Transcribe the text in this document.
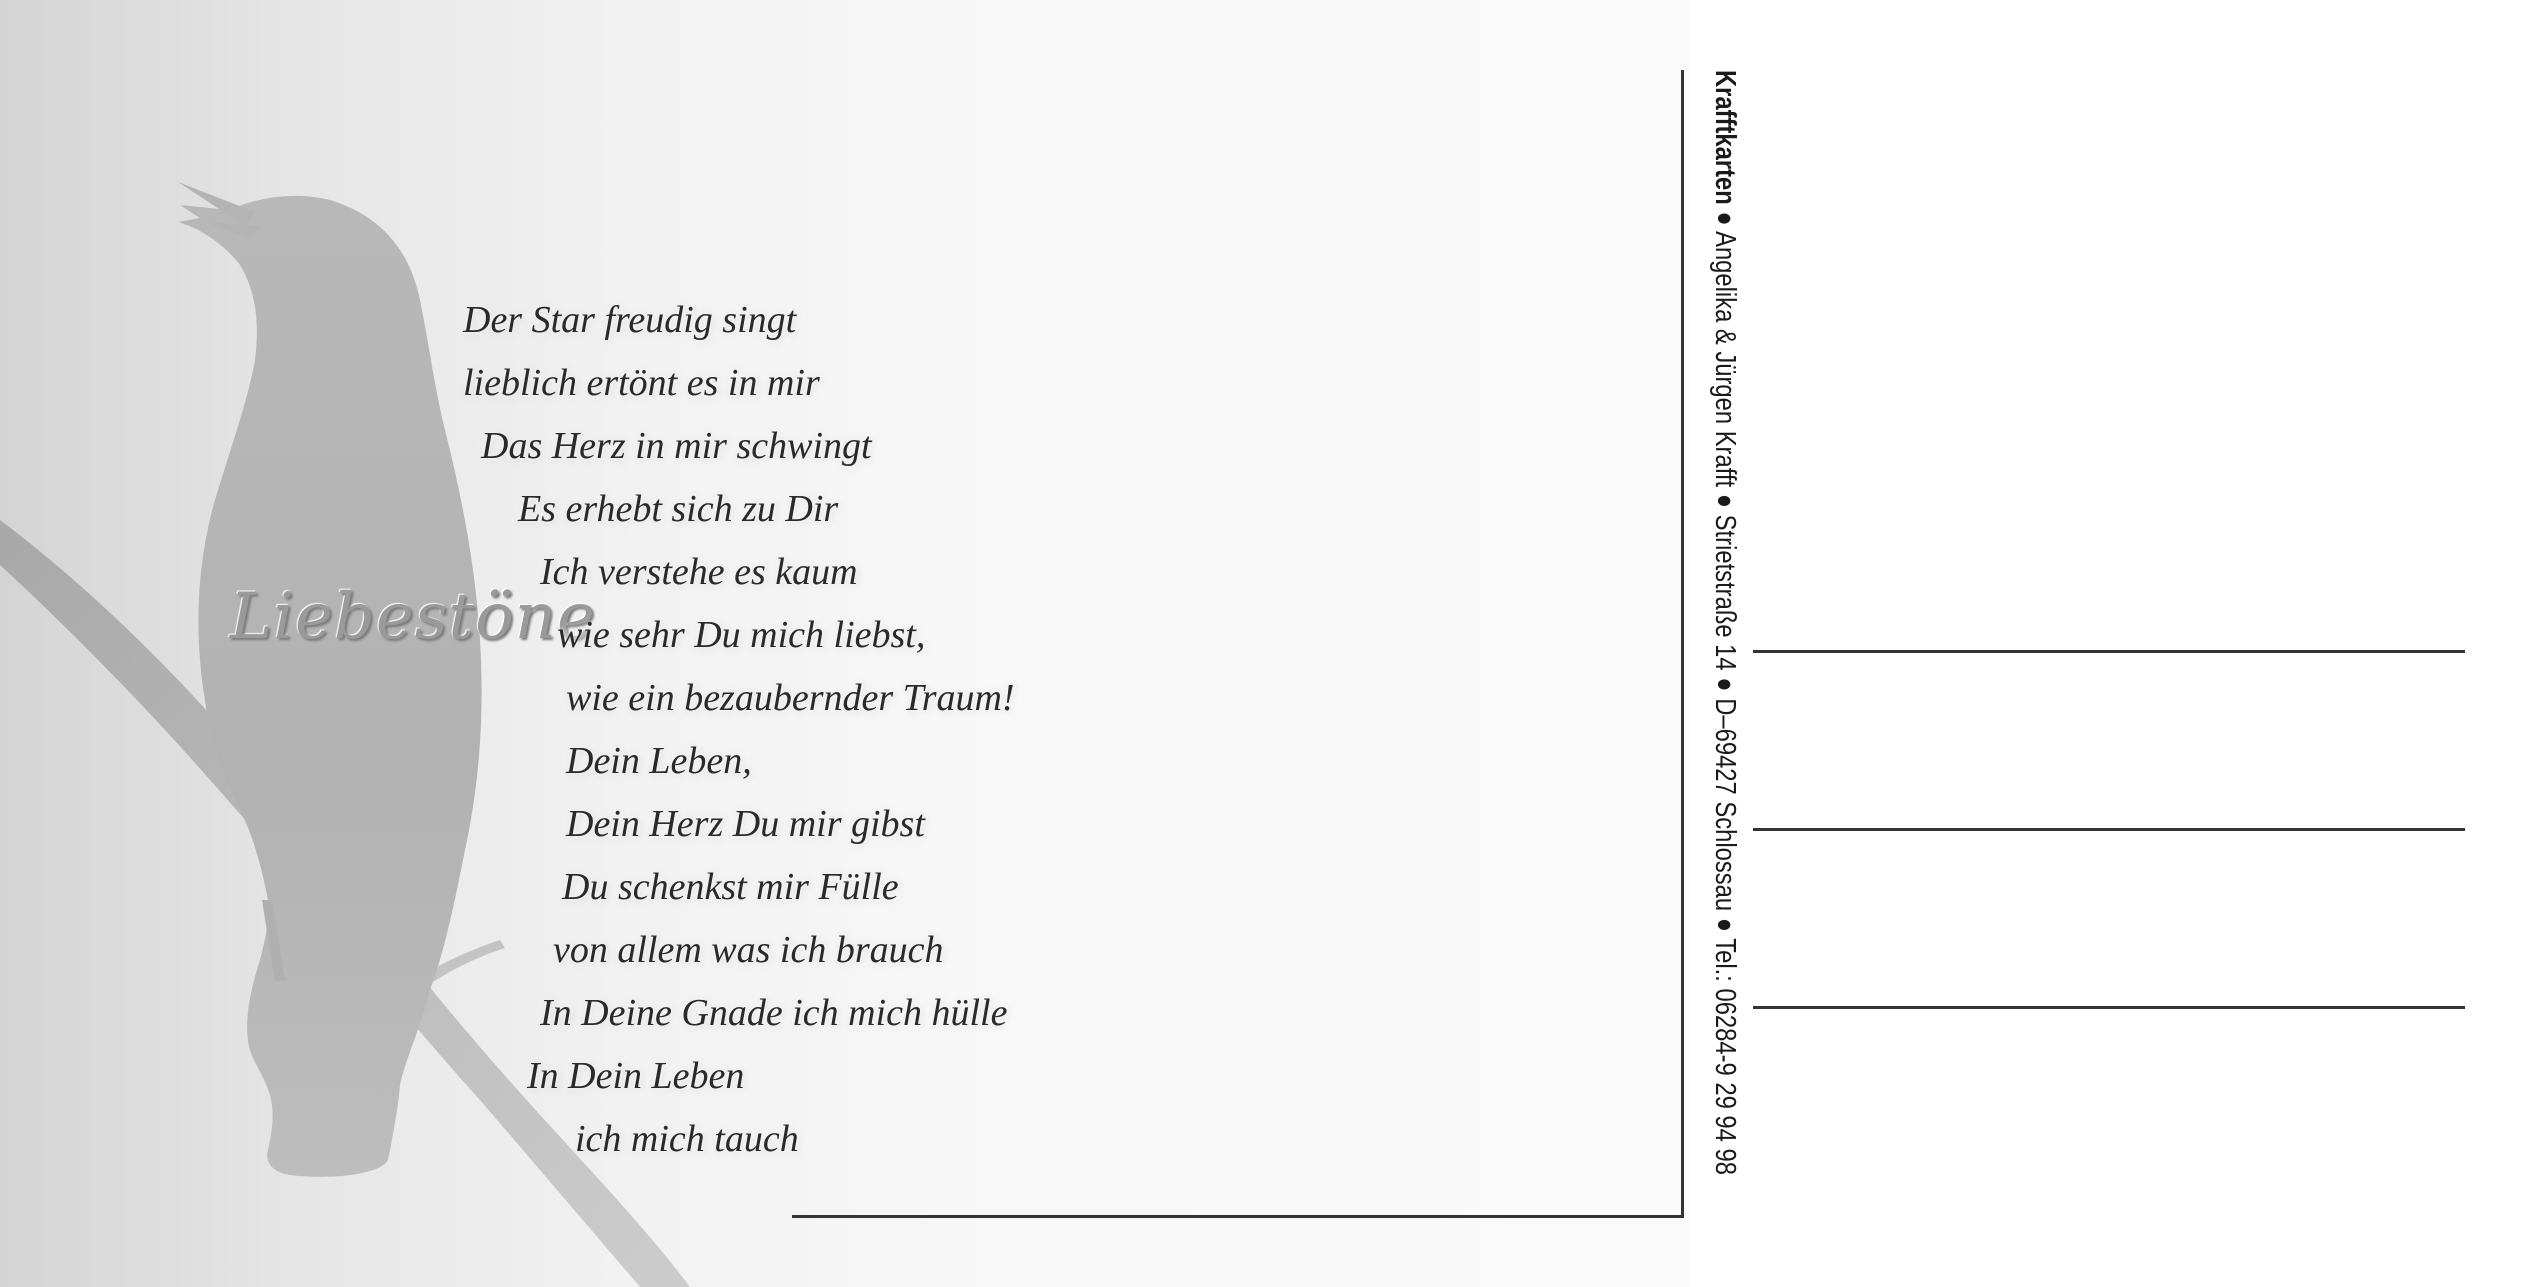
Liebestöne
Der Star freudig singt
lieblich ertönt es in mir
Das Herz in mir schwingt
Es erhebt sich zu Dir
Ich verstehe es kaum
wie sehr Du mich liebst,
wie ein bezaubernder Traum!
Dein Leben,
Dein Herz Du mir gibst
Du schenkst mir Fülle
von allem was ich brauch
In Deine Gnade ich mich hülle
In Dein Leben
ich mich tauch
Krafftkarten ● Angelika & Jürgen Krafft ● Strietstraße 14 ● D–69427 Schlossau ● Tel.: 06284-9 29 94 98
